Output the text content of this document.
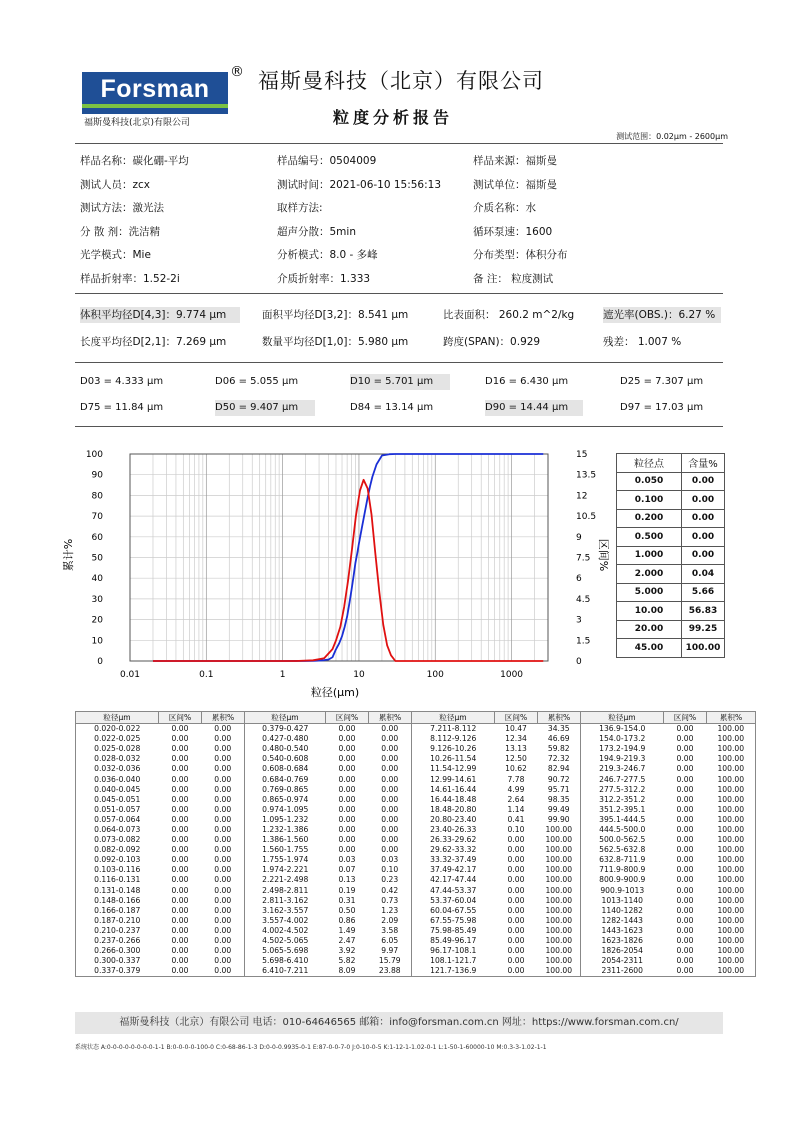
Forsman
®
福斯曼科技(北京)有限公司
福斯曼科技（北京）有限公司
粒度分析报告
测试范围：0.02μm - 2600μm
样品名称：碳化硼-平均	样品编号：0504009	样品来源：福斯曼
测试人员：zcx	测试时间：2021-06-10 15:56:13	测试单位：福斯曼
测试方法：激光法	取样方法:	介质名称：水
分 散 剂：洗洁精	超声分散：5min	循环泵速：1600
光学模式：Mie	分析模式：8.0 - 多峰	分布类型：体积分布
样品折射率：1.52-2i	介质折射率：1.333	备 注： 粒度测试
体积平均径D[4,3]：9.774 μm	面积平均径D[3,2]：8.541 μm	比表面积： 260.2 m^2/kg	遮光率(OBS.)：6.27 %
长度平均径D[2,1]：7.269 μm	数量平均径D[1,0]：5.980 μm	跨度(SPAN)：0.929	残差： 1.007 %
D03 = 4.333 μm	D06 = 5.055 μm	D10 = 5.701 μm	D16 = 6.430 μm	D25 = 7.307 μm
D75 = 11.84 μm	D50 = 9.407 μm	D84 = 13.14 μm	D90 = 14.44 μm	D97 = 17.03 μm
0.01	0.1	1	10	100	1000
0
10
20
30
40
50
60
70
80
90
100
0
1.5
3
4.5
6
7.5
9
10.5
12
13.5
15
粒径(μm)
累计%	区间%
粒径点	含量%
0.050	0.00
0.100	0.00
0.200	0.00
0.500	0.00
1.000	0.00
2.000	0.04
5.000	5.66
10.00	56.83
20.00	99.25
45.00	100.00
粒径μm	区间%	累积%	粒径μm	区间%	累积%	粒径μm	区间%	累积%	粒径μm	区间%	累积%
0.020-0.022	0.00	0.00	0.379-0.427	0.00	0.00	7.211-8.112	10.47	34.35	136.9-154.0	0.00	100.00
0.022-0.025	0.00	0.00	0.427-0.480	0.00	0.00	8.112-9.126	12.34	46.69	154.0-173.2	0.00	100.00
0.025-0.028	0.00	0.00	0.480-0.540	0.00	0.00	9.126-10.26	13.13	59.82	173.2-194.9	0.00	100.00
0.028-0.032	0.00	0.00	0.540-0.608	0.00	0.00	10.26-11.54	12.50	72.32	194.9-219.3	0.00	100.00
0.032-0.036	0.00	0.00	0.608-0.684	0.00	0.00	11.54-12.99	10.62	82.94	219.3-246.7	0.00	100.00
0.036-0.040	0.00	0.00	0.684-0.769	0.00	0.00	12.99-14.61	7.78	90.72	246.7-277.5	0.00	100.00
0.040-0.045	0.00	0.00	0.769-0.865	0.00	0.00	14.61-16.44	4.99	95.71	277.5-312.2	0.00	100.00
0.045-0.051	0.00	0.00	0.865-0.974	0.00	0.00	16.44-18.48	2.64	98.35	312.2-351.2	0.00	100.00
0.051-0.057	0.00	0.00	0.974-1.095	0.00	0.00	18.48-20.80	1.14	99.49	351.2-395.1	0.00	100.00
0.057-0.064	0.00	0.00	1.095-1.232	0.00	0.00	20.80-23.40	0.41	99.90	395.1-444.5	0.00	100.00
0.064-0.073	0.00	0.00	1.232-1.386	0.00	0.00	23.40-26.33	0.10	100.00	444.5-500.0	0.00	100.00
0.073-0.082	0.00	0.00	1.386-1.560	0.00	0.00	26.33-29.62	0.00	100.00	500.0-562.5	0.00	100.00
0.082-0.092	0.00	0.00	1.560-1.755	0.00	0.00	29.62-33.32	0.00	100.00	562.5-632.8	0.00	100.00
0.092-0.103	0.00	0.00	1.755-1.974	0.03	0.03	33.32-37.49	0.00	100.00	632.8-711.9	0.00	100.00
0.103-0.116	0.00	0.00	1.974-2.221	0.07	0.10	37.49-42.17	0.00	100.00	711.9-800.9	0.00	100.00
0.116-0.131	0.00	0.00	2.221-2.498	0.13	0.23	42.17-47.44	0.00	100.00	800.9-900.9	0.00	100.00
0.131-0.148	0.00	0.00	2.498-2.811	0.19	0.42	47.44-53.37	0.00	100.00	900.9-1013	0.00	100.00
0.148-0.166	0.00	0.00	2.811-3.162	0.31	0.73	53.37-60.04	0.00	100.00	1013-1140	0.00	100.00
0.166-0.187	0.00	0.00	3.162-3.557	0.50	1.23	60.04-67.55	0.00	100.00	1140-1282	0.00	100.00
0.187-0.210	0.00	0.00	3.557-4.002	0.86	2.09	67.55-75.98	0.00	100.00	1282-1443	0.00	100.00
0.210-0.237	0.00	0.00	4.002-4.502	1.49	3.58	75.98-85.49	0.00	100.00	1443-1623	0.00	100.00
0.237-0.266	0.00	0.00	4.502-5.065	2.47	6.05	85.49-96.17	0.00	100.00	1623-1826	0.00	100.00
0.266-0.300	0.00	0.00	5.065-5.698	3.92	9.97	96.17-108.1	0.00	100.00	1826-2054	0.00	100.00
0.300-0.337	0.00	0.00	5.698-6.410	5.82	15.79	108.1-121.7	0.00	100.00	2054-2311	0.00	100.00
0.337-0.379	0.00	0.00	6.410-7.211	8.09	23.88	121.7-136.9	0.00	100.00	2311-2600	0.00	100.00
福斯曼科技（北京）有限公司 电话：010-64646565 邮箱：info@forsman.com.cn 网址：https://www.forsman.com.cn/
系统状态 A:0-0-0-0-0-0-0-0-1-1 B:0-0-0-0-100-0 C:0-68-86-1-3 D:0-0-0.9935-0-1 E:87-0-0-7-0 J:0-10-0-5 K:1-12-1-1.02-0-1 L:1-50-1-60000-10 M:0.3-3-1.02-1-1
